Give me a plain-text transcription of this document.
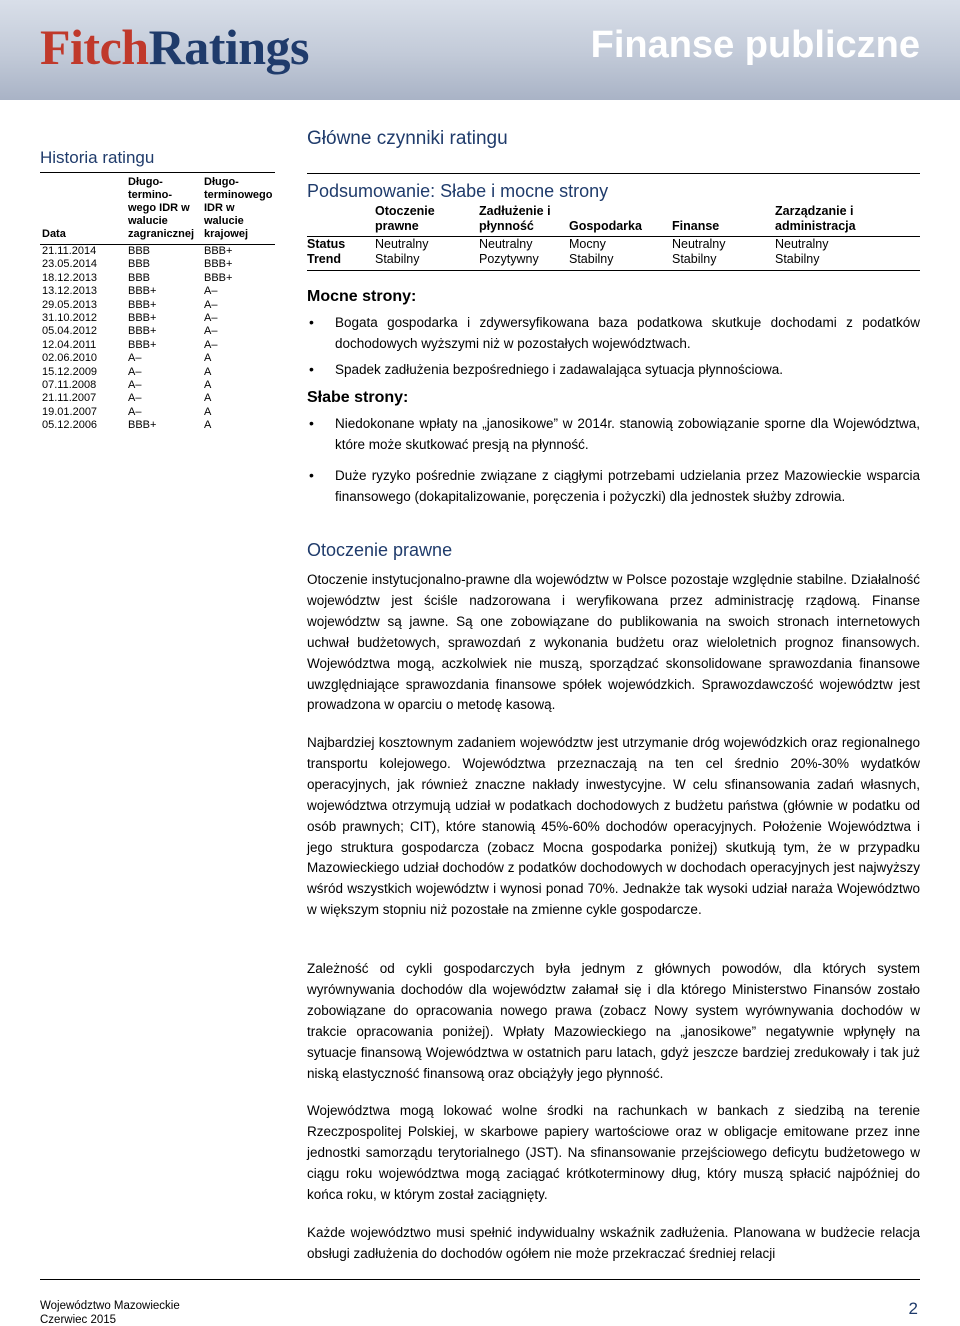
FitchRatings	Finanse publiczne
Historia ratingu
Data	Długo-termino-wego IDR w walucie zagranicznej	Długo-terminowego IDR w walucie krajowej
21.11.2014	BBB	BBB+
23.05.2014	BBB	BBB+
18.12.2013	BBB	BBB+
13.12.2013	BBB+	A–
29.05.2013	BBB+	A–
31.10.2012	BBB+	A–
05.04.2012	BBB+	A–
12.04.2011	BBB+	A–
02.06.2010	A–	A
15.12.2009	A–	A
07.11.2008	A–	A
21.11.2007	A–	A
19.01.2007	A–	A
05.12.2006	BBB+	A
Główne czynniki ratingu
Podsumowanie: Słabe i mocne strony
	Otoczenie prawne	Zadłużenie i płynność	Gospodarka	Finanse	Zarządzanie i administracja
Status	Neutralny	Neutralny	Mocny	Neutralny	Neutralny
Trend	Stabilny	Pozytywny	Stabilny	Stabilny	Stabilny
Mocne strony:
• Bogata gospodarka i zdywersyfikowana baza podatkowa skutkuje dochodami z podatków dochodowych wyższymi niż w pozostałych województwach.
• Spadek zadłużenia bezpośredniego i zadawalająca sytuacja płynnościowa.
Słabe strony:
• Niedokonane wpłaty na „janosikowe” w 2014r. stanowią zobowiązanie sporne dla Województwa, które może skutkować presją na płynność.
• Duże ryzyko pośrednie związane z ciągłymi potrzebami udzielania przez Mazowieckie wsparcia finansowego (dokapitalizowanie, poręczenia i pożyczki) dla jednostek służby zdrowia.
Otoczenie prawne

Otoczenie instytucjonalno-prawne dla województw w Polsce pozostaje względnie stabilne. Działalność województw jest ściśle nadzorowana i weryfikowana przez administrację rządową. Finanse województw są jawne. Są one zobowiązane do publikowania na swoich stronach internetowych uchwał budżetowych, sprawozdań z wykonania budżetu oraz wieloletnich prognoz finansowych. Województwa mogą, aczkolwiek nie muszą, sporządzać skonsolidowane sprawozdania finansowe uwzględniające sprawozdania finansowe spółek wojewódzkich. Sprawozdawczość województw jest prowadzona w oparciu o metodę kasową.

Najbardziej kosztownym zadaniem województw jest utrzymanie dróg wojewódzkich oraz regionalnego transportu kolejowego. Województwa przeznaczają na ten cel średnio 20%-30% wydatków operacyjnych, jak również znaczne nakłady inwestycyjne. W celu sfinansowania zadań własnych, województwa otrzymują udział w podatkach dochodowych z budżetu państwa (głównie w podatku od osób prawnych; CIT), które stanowią 45%-60% dochodów operacyjnych. Położenie Województwa i jego struktura gospodarcza (zobacz Mocna gospodarka poniżej) skutkują tym, że w przypadku Mazowieckiego udział dochodów z podatków dochodowych w dochodach operacyjnych jest najwyższy wśród wszystkich województw i wynosi ponad 70%. Jednakże tak wysoki udział naraża Województwo w większym stopniu niż pozostałe na zmienne cykle gospodarcze.

Zależność od cykli gospodarczych była jednym z głównych powodów, dla których system wyrównywania dochodów dla województw załamał się i dla którego Ministerstwo Finansów zostało zobowiązane do opracowania nowego prawa (zobacz Nowy system wyrównywania dochodów w trakcie opracowania poniżej). Wpłaty Mazowieckiego na „janosikowe” negatywnie wpłynęły na sytuacje finansową Województwa w ostatnich paru latach, gdyż jeszcze bardziej zredukowały i tak już niską elastyczność finansową oraz obciążyły jego płynność.

Województwa mogą lokować wolne środki na rachunkach w bankach z siedzibą na terenie Rzeczpospolitej Polskiej, w skarbowe papiery wartościowe oraz w obligacje emitowane przez inne jednostki samorządu terytorialnego (JST). Na sfinansowanie przejściowego deficytu budżetowego w ciągu roku województwa mogą zaciągać krótkoterminowy dług, który muszą spłacić najpóźniej do końca roku, w którym został zaciągnięty.

Każde województwo musi spełnić indywidualny wskaźnik zadłużenia. Planowana w budżecie relacja obsługi zadłużenia do dochodów ogółem nie może przekraczać średniej relacji

Województwo Mazowieckie
Czerwiec 2015
2
